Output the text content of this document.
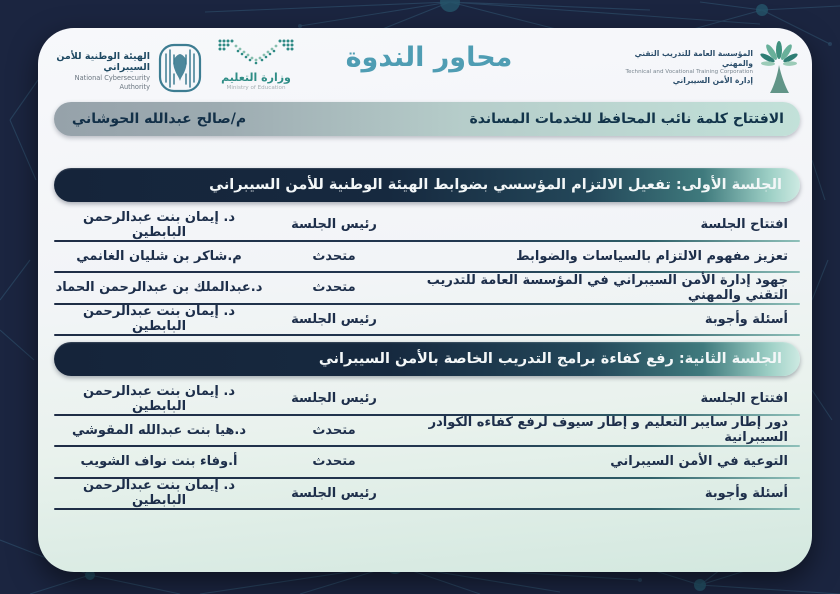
الهيئة الوطنية للأمن السيبراني
National Cybersecurity Authority
وزارة التعليم
Ministry of Education
محاور الندوة	المؤسسة العامة للتدريب التقني والمهني
Technical and Vocational Training Corporation
إدارة الأمن السيبراني
الافتتاح كلمة نائب المحافظ للخدمات المساندة
م/صالح عبدالله الحوشاني
الجلسة الأولى: تفعيل الالتزام المؤسسي بضوابط الهيئة الوطنية للأمن السيبراني
افتتاح الجلسة
رئيس الجلسة
د. إيمان بنت عبدالرحمن البابطين
تعزيز مفهوم الالتزام بالسياسات والضوابط
متحدث
م.شاكر بن شليان الغانمي
جهود إدارة الأمن السيبراني في المؤسسة العامة للتدريب التقني والمهني
متحدث
د.عبدالملك بن عبدالرحمن الحماد
أسئلة وأجوبة
رئيس الجلسة
د. إيمان بنت عبدالرحمن البابطين
الجلسة الثانية: رفع كفاءة برامج التدريب الخاصة بالأمن السيبراني
افتتاح الجلسة
رئيس الجلسة
د. إيمان بنت عبدالرحمن البابطين
دور إطار سايبر التعليم و إطار سيوف لرفع كفاءه الكوادر السيبرانية
متحدث
د.هيا بنت عبدالله المقوشي
التوعية في الأمن السيبراني
متحدث
أ.وفاء بنت نواف الشويب
أسئلة وأجوبة
رئيس الجلسة
د. إيمان بنت عبدالرحمن البابطين
